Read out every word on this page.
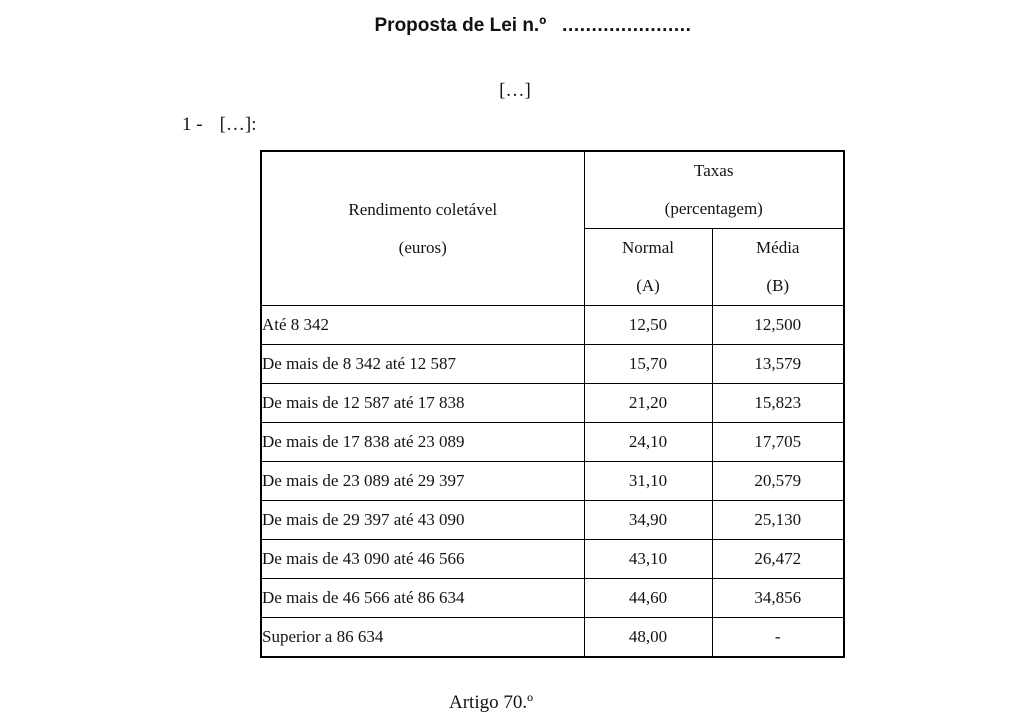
Proposta de Lei n.º ......................
[…]
1 - […]:
Rendimento coletável
(euros)

Taxas
(percentagem)

Normal
(A)

Média
(B)

Até 8 342	12,50	12,500
De mais de 8 342 até 12 587	15,70	13,579
De mais de 12 587 até 17 838	21,20	15,823
De mais de 17 838 até 23 089	24,10	17,705
De mais de 23 089 até 29 397	31,10	20,579
De mais de 29 397 até 43 090	34,90	25,130
De mais de 43 090 até 46 566	43,10	26,472
De mais de 46 566 até 86 634	44,60	34,856
Superior a 86 634	48,00	-
Artigo 70.º
